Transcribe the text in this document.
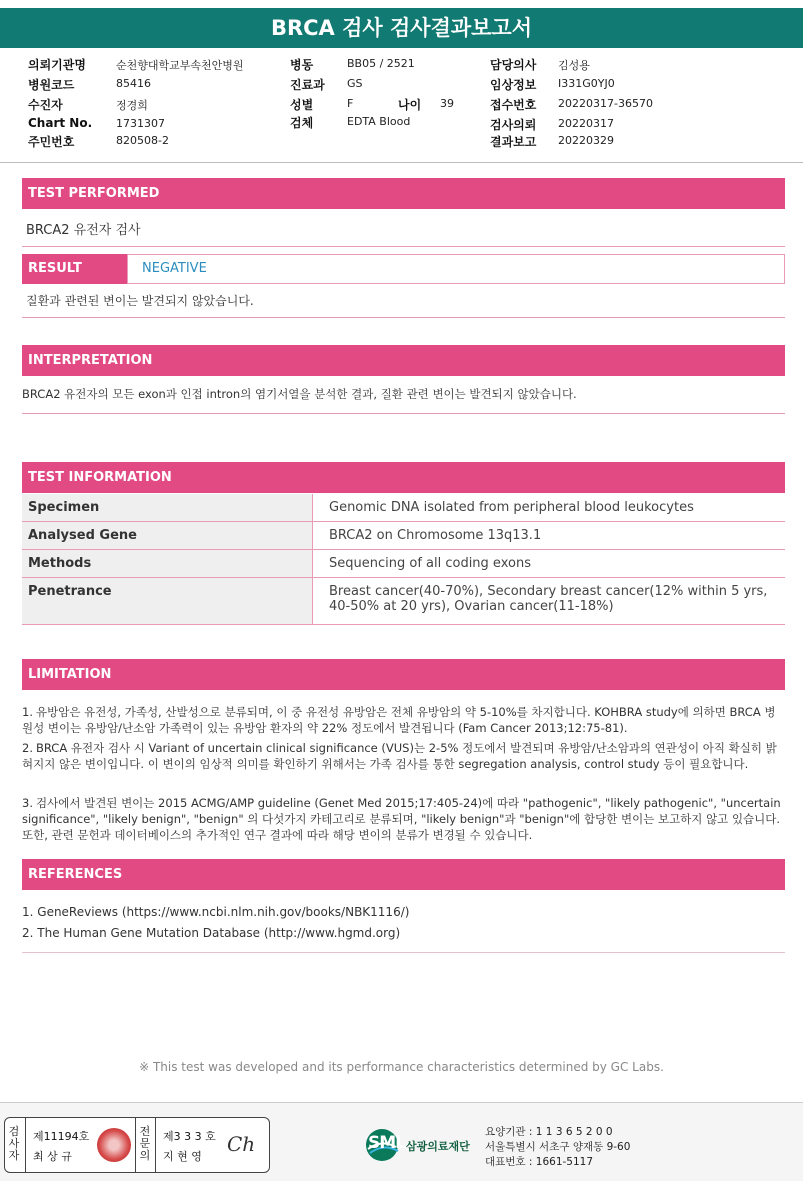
BRCA 검사 검사결과보고서
의뢰기관명	순천향대학교부속천안병원
병원코드	85416
수진자	정경희
Chart No. 1731307
주민번호	820508-2
병동	BB05 / 2521
진료과 GS
성별	F	나이 39
검체	EDTA Blood
담당의사 김성용
임상정보 I331G0YJ0
접수번호 20220317-36570
검사의뢰 20220317
결과보고 20220329
TEST PERFORMED
BRCA2 유전자 검사
RESULT	NEGATIVE
질환과 관련된 변이는 발견되지 않았습니다.
INTERPRETATION
BRCA2 유전자의 모든 exon과 인접 intron의 염기서열을 분석한 결과, 질환 관련 변이는 발견되지 않았습니다.
TEST INFORMATION
Specimen	Genomic DNA isolated from peripheral blood leukocytes
Analysed Gene	BRCA2 on Chromosome 13q13.1
Methods	Sequencing of all coding exons
Penetrance	Breast cancer(40-70%), Secondary breast cancer(12% within 5 yrs, 40-50% at 20 yrs), Ovarian cancer(11-18%)
LIMITATION
1. 유방암은 유전성, 가족성, 산발성으로 분류되며, 이 중 유전성 유방암은 전체 유방암의 약 5-10%를 차지합니다. KOHBRA study에 의하면 BRCA 병원성 변이는 유방암/난소암 가족력이 있는 유방암 환자의 약 22% 정도에서 발견됩니다 (Fam Cancer 2013;12:75-81).
2. BRCA 유전자 검사 시 Variant of uncertain clinical significance (VUS)는 2-5% 정도에서 발견되며 유방암/난소암과의 연관성이 아직 확실히 밝혀지지 않은 변이입니다. 이 변이의 임상적 의미를 확인하기 위해서는 가족 검사를 통한 segregation analysis, control study 등이 필요합니다.
3. 검사에서 발견된 변이는 2015 ACMG/AMP guideline (Genet Med 2015;17:405-24)에 따라 "pathogenic", "likely pathogenic", "uncertain significance", "likely benign", "benign" 의 다섯가지 카테고리로 분류되며, "likely benign"과 "benign"에 합당한 변이는 보고하지 않고 있습니다. 또한, 관련 문헌과 데이터베이스의 추가적인 연구 결과에 따라 해당 변이의 분류가 변경될 수 있습니다.
REFERENCES
1. GeneReviews (https://www.ncbi.nlm.nih.gov/books/NBK1116/)
2. The Human Gene Mutation Database (http://www.hgmd.org)
※ This test was developed and its performance characteristics determined by GC Labs.
검
사
자
제11194호
최 상 규
전
문
의
제3 3 3 호
지 현 영
Ch	SML 삼광의료재단
요양기관 : 1 1 3 6 5 2 0 0
서울특별시 서초구 양재동 9-60
대표번호 : 1661-5117
